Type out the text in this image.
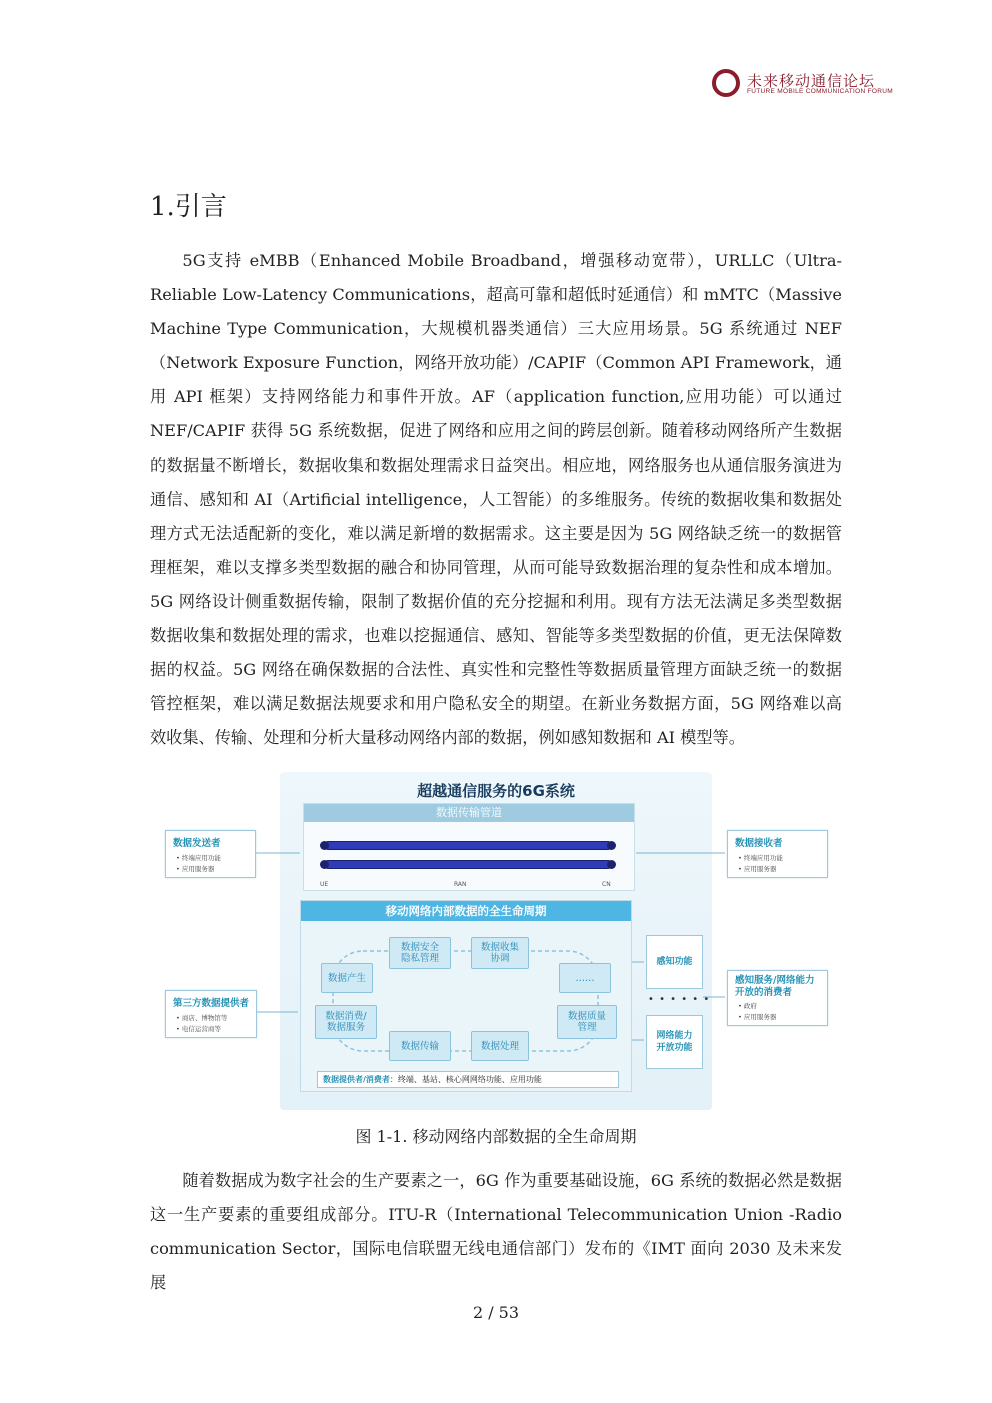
未来移动通信论坛
FUTURE MOBILE COMMUNICATION FORUM
1.引言
5G支持 eMBB（Enhanced Mobile Broadband，增强移动宽带），URLLC（Ultra-Reliable Low-Latency Communications，超高可靠和超低时延通信）和 mMTC（Massive Machine Type Communication，大规模机器类通信）三大应用场景。5G 系统通过 NEF（Network Exposure Function，网络开放功能）/CAPIF（Common API Framework，通用 API 框架）支持网络能力和事件开放。AF（application function,应用功能）可以通过 NEF/CAPIF 获得 5G 系统数据，促进了网络和应用之间的跨层创新。随着移动网络所产生数据的数据量不断增长，数据收集和数据处理需求日益突出。相应地，网络服务也从通信服务演进为通信、感知和 AI（Artificial intelligence，人工智能）的多维服务。传统的数据收集和数据处理方式无法适配新的变化，难以满足新增的数据需求。这主要是因为 5G 网络缺乏统一的数据管理框架，难以支撑多类型数据的融合和协同管理，从而可能导致数据治理的复杂性和成本增加。5G 网络设计侧重数据传输，限制了数据价值的充分挖掘和利用。现有方法无法满足多类型数据数据收集和数据处理的需求，也难以挖掘通信、感知、智能等多类型数据的价值，更无法保障数据的权益。5G 网络在确保数据的合法性、真实性和完整性等数据质量管理方面缺乏统一的数据管控框架，难以满足数据法规要求和用户隐私安全的期望。在新业务数据方面，5G 网络难以高效收集、传输、处理和分析大量移动网络内部的数据，例如感知数据和 AI 模型等。
超越通信服务的6G系统
数据传输管道
UE	RAN	CN
数据发送者
• 终端应用功能
• 应用服务器
数据接收者
• 终端应用功能
• 应用服务器
第三方数据提供者
• 商店、博物馆等
• 电信运营商等
感知服务/网络能力开放的消费者
• 政府
• 应用服务器
移动网络内部数据的全生命周期
数据产生
数据安全
隐私管理
数据收集
协调
……
数据质量
管理
数据处理
数据传输
数据消费/
数据服务
数据提供者/消费者：终端、基站、核心网网络功能、应用功能
感知功能
网络能力
开放功能
• • • • • •
图 1-1. 移动网络内部数据的全生命周期
随着数据成为数字社会的生产要素之一，6G 作为重要基础设施，6G 系统的数据必然是数据这一生产要素的重要组成部分。ITU-R（International Telecommunication Union -Radio communication Sector，国际电信联盟无线电通信部门）发布的《IMT 面向 2030 及未来发展
2 / 53
